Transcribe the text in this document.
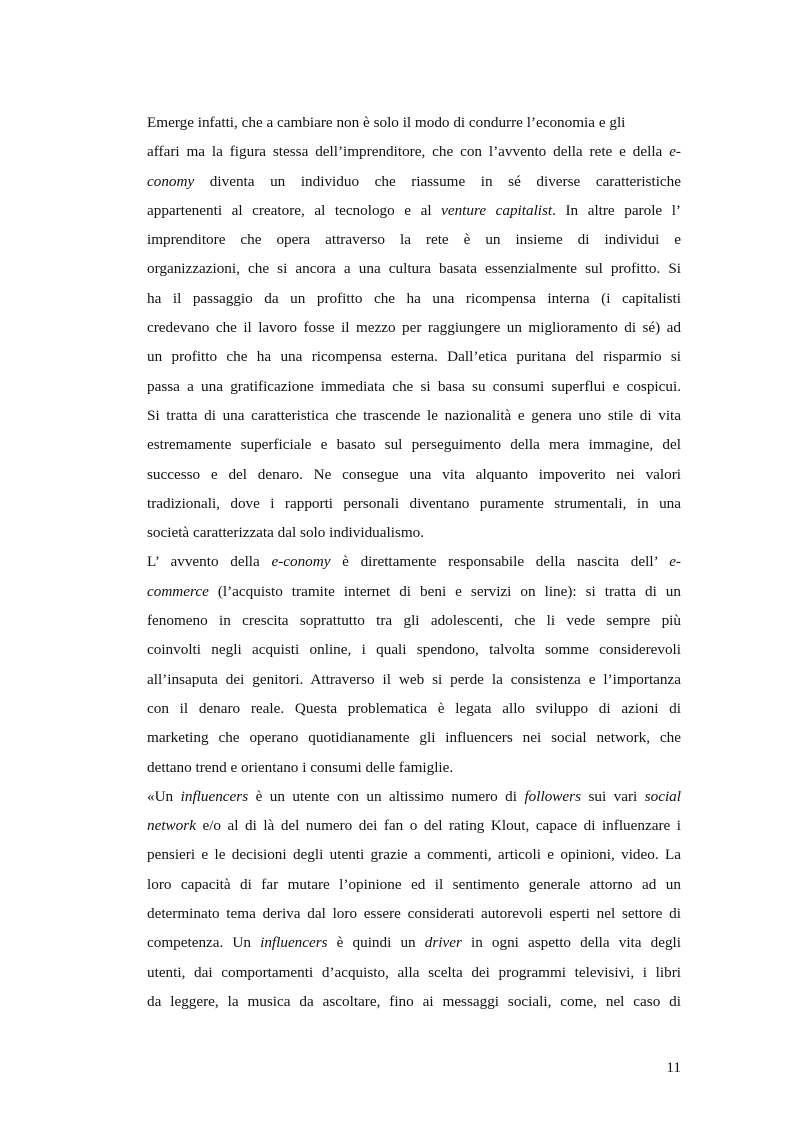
Emerge infatti, che a cambiare non è solo il modo di condurre l’economia e gli
affari ma la figura stessa dell’imprenditore, che con l’avvento della rete e della e-
conomy diventa un individuo che riassume in sé diverse caratteristiche
appartenenti al creatore, al tecnologo e al venture capitalist. In altre parole l’
imprenditore che opera attraverso la rete è un insieme di individui e
organizzazioni, che si ancora a una cultura basata essenzialmente sul profitto. Si
ha il passaggio da un profitto che ha una ricompensa interna (i capitalisti
credevano che il lavoro fosse il mezzo per raggiungere un miglioramento di sé) ad
un profitto che ha una ricompensa esterna. Dall’etica puritana del risparmio si
passa a una gratificazione immediata che si basa su consumi superflui e cospicui.
Si tratta di una caratteristica che trascende le nazionalità e genera uno stile di vita
estremamente superficiale e basato sul perseguimento della mera immagine, del
successo e del denaro. Ne consegue una vita alquanto impoverito nei valori
tradizionali, dove i rapporti personali diventano puramente strumentali, in una
società caratterizzata dal solo individualismo.
L’ avvento della e-conomy è direttamente responsabile della nascita dell’ e-
commerce (l’acquisto tramite internet di beni e servizi on line): si tratta di un
fenomeno in crescita soprattutto tra gli adolescenti, che li vede sempre più
coinvolti negli acquisti online, i quali spendono, talvolta somme considerevoli
all’insaputa dei genitori. Attraverso il web si perde la consistenza e l’importanza
con il denaro reale. Questa problematica è legata allo sviluppo di azioni di
marketing che operano quotidianamente gli influencers nei social network, che
dettano trend e orientano i consumi delle famiglie.
«Un influencers è un utente con un altissimo numero di followers sui vari social
network e/o al di là del numero dei fan o del rating Klout, capace di influenzare i
pensieri e le decisioni degli utenti grazie a commenti, articoli e opinioni, video. La
loro capacità di far mutare l’opinione ed il sentimento generale attorno ad un
determinato tema deriva dal loro essere considerati autorevoli esperti nel settore di
competenza. Un influencers è quindi un driver in ogni aspetto della vita degli
utenti, dai comportamenti d’acquisto, alla scelta dei programmi televisivi, i libri
da leggere, la musica da ascoltare, fino ai messaggi sociali, come, nel caso di
11
